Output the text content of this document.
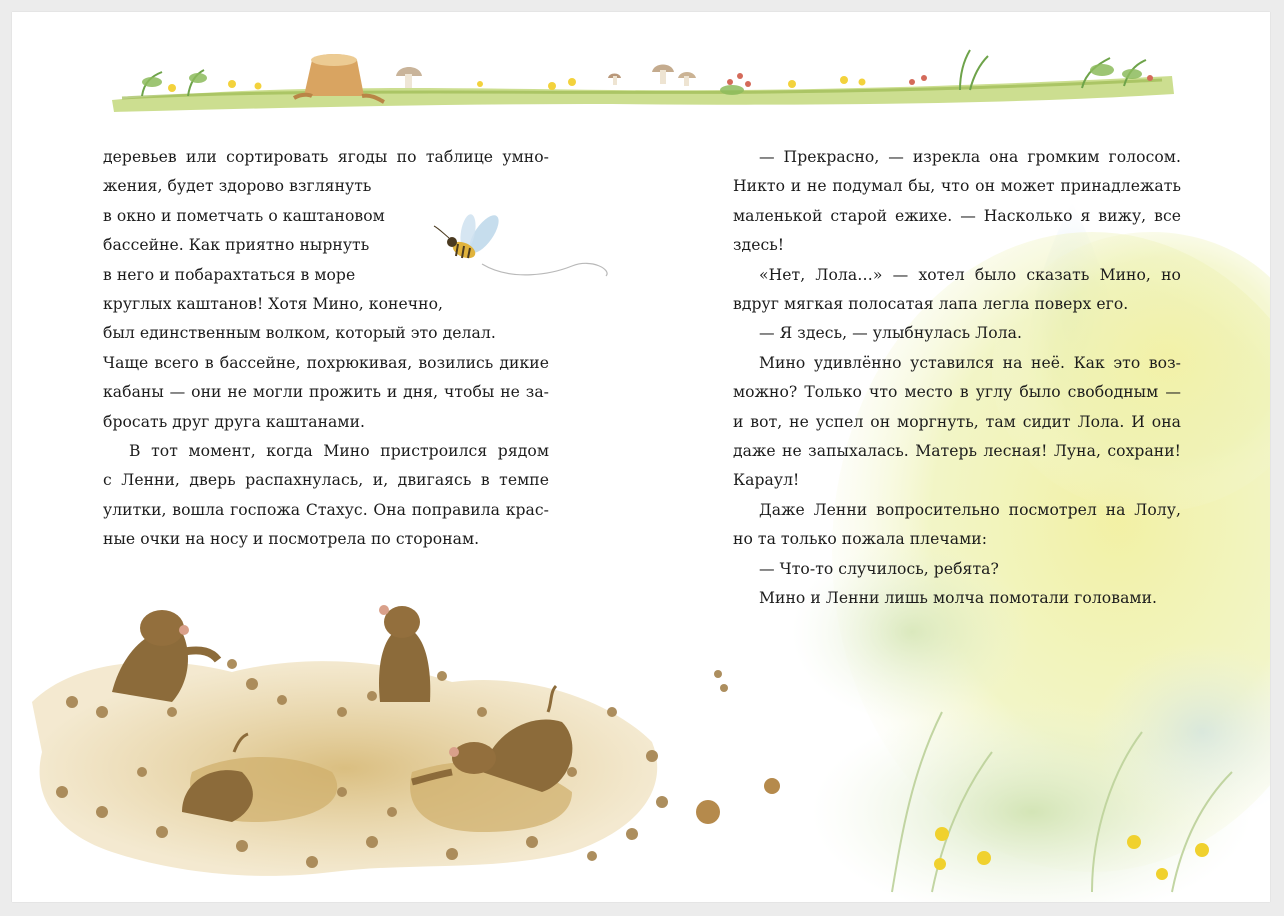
деревьев или сортировать ягоды по таблице умно-
жения, будет здорово взглянуть
в окно и пометчать о каштановом
бассейне. Как приятно нырнуть
в него и побарахтаться в море
круглых каштанов! Хотя Мино, конечно,
был единственным волком, который это делал.
Чаще всего в бассейне, похрюкивая, возились дикие
кабаны — они не могли прожить и дня, чтобы не за-
бросать друг друга каштанами.

В тот момент, когда Мино пристроился рядом
с Ленни, дверь распахнулась, и, двигаясь в темпе
улитки, вошла госпожа Стахус. Она поправила крас-
ные очки на носу и посмотрела по сторонам.

— Прекрасно, — изрекла она громким голосом.
Никто и не подумал бы, что он может принадлежать
маленькой старой ежихе. — Насколько я вижу, все
здесь!

«Нет, Лола…» — хотел было сказать Мино, но
вдруг мягкая полосатая лапа легла поверх его.

— Я здесь, — улыбнулась Лола.

Мино удивлённо уставился на неё. Как это воз-
можно? Только что место в углу было свободным —
и вот, не успел он моргнуть, там сидит Лола. И она
даже не запыхалась. Матерь лесная! Луна, сохрани!
Караул!

Даже Ленни вопросительно посмотрел на Лолу,
но та только пожала плечами:

— Что-то случилось, ребята?

Мино и Ленни лишь молча помотали головами.
